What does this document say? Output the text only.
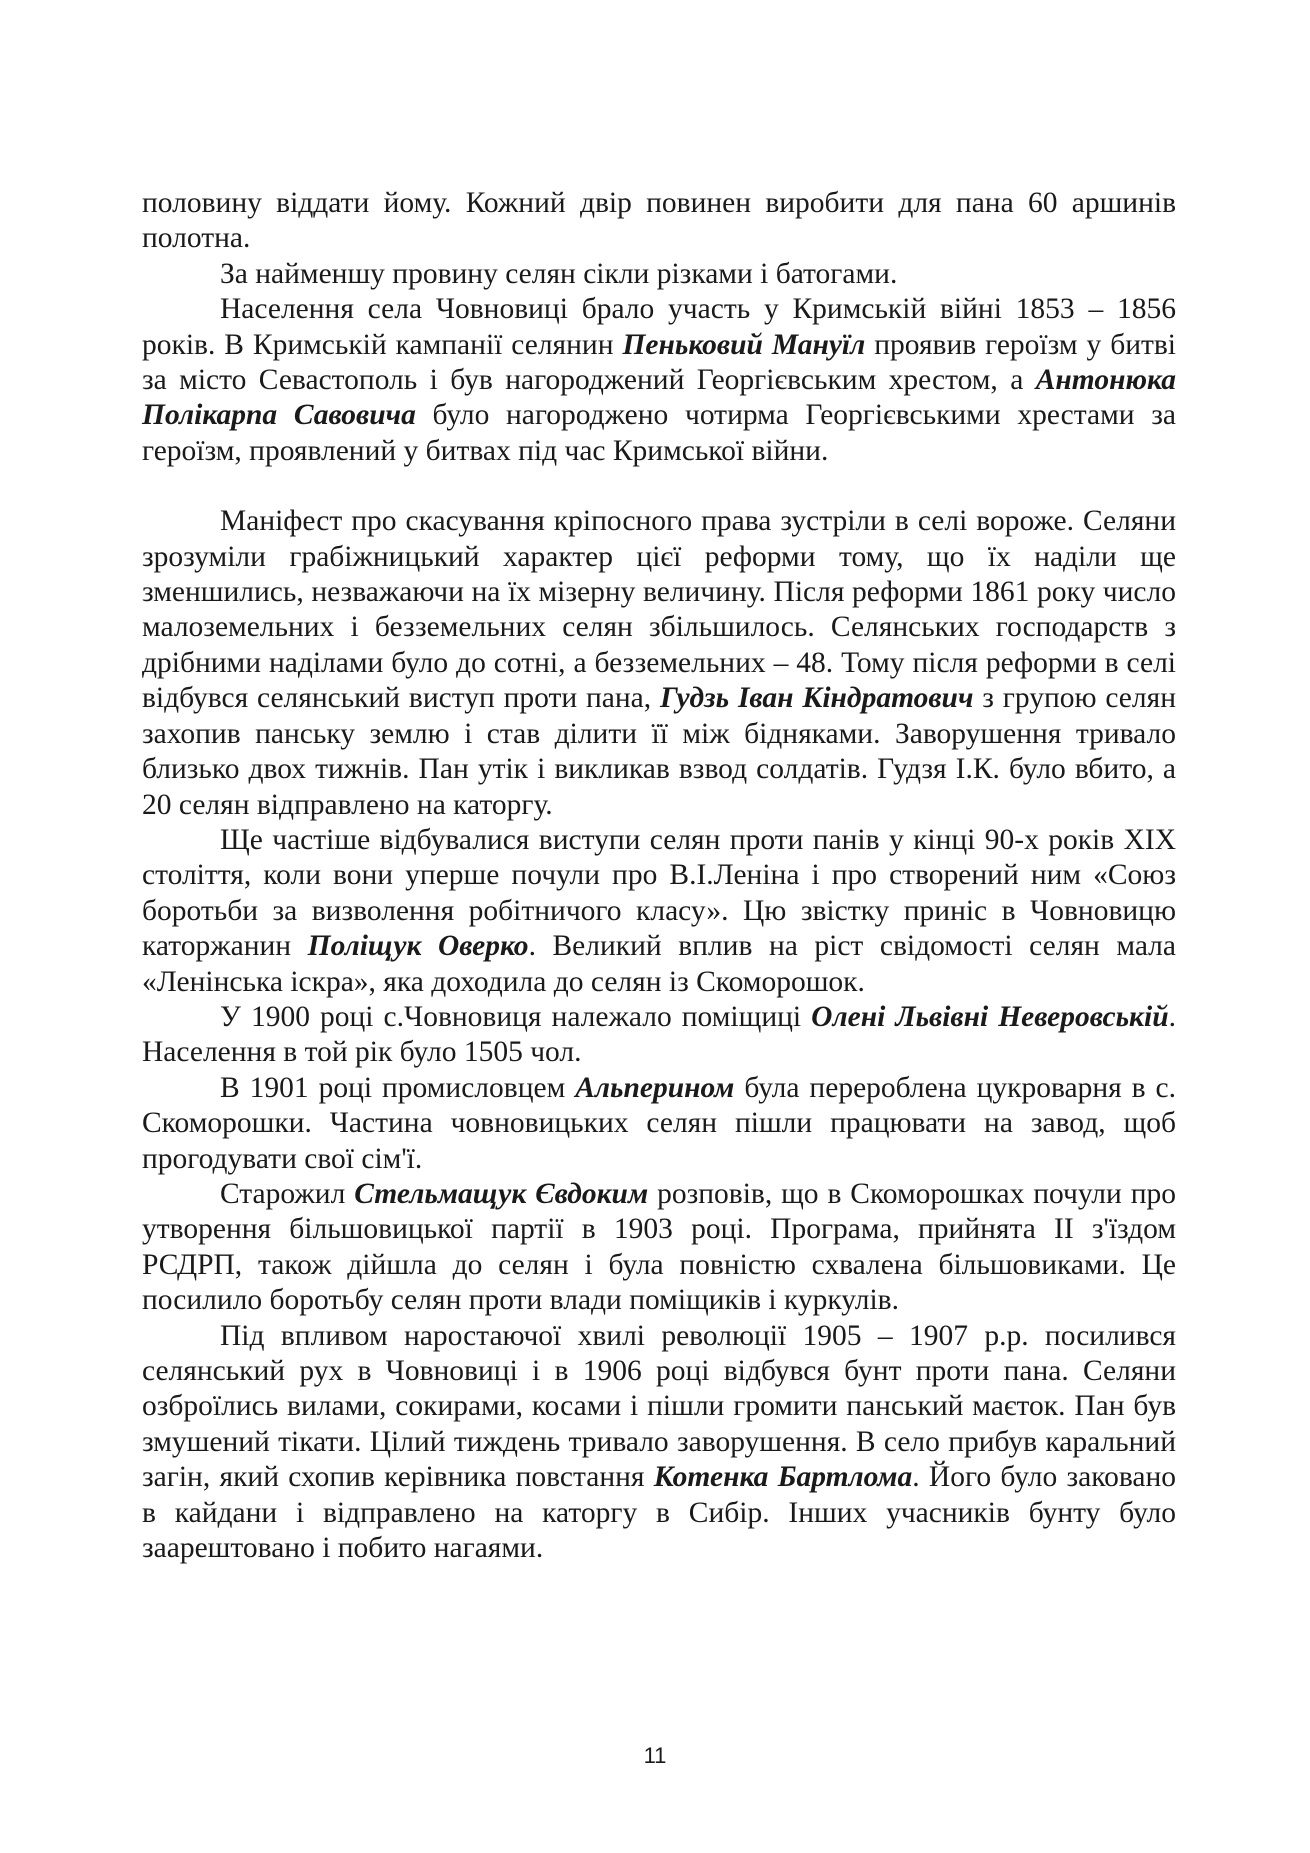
половину віддати йому. Кожний двір повинен виробити для пана 60 аршинів полотна.

За найменшу провину селян сікли різками і батогами.

Населення села Човновиці брало участь у Кримській війні 1853 – 1856 років. В Кримській кампанії селянин Пеньковий Мануїл проявив героїзм у битві за місто Севастополь і був нагороджений Георгієвським хрестом, а Антонюка Полікарпа Савовича було нагороджено чотирма Георгієвськими хрестами за героїзм, проявлений у битвах під час Кримської війни.

Маніфест про скасування кріпосного права зустріли в селі вороже. Селяни зрозуміли грабіжницький характер цієї реформи тому, що їх наділи ще зменшились, незважаючи на їх мізерну величину. Після реформи 1861 року число малоземельних і безземельних селян збільшилось. Селянських господарств з дрібними наділами було до сотні, а безземельних – 48. Тому після реформи в селі відбувся селянський виступ проти пана, Гудзь Іван Кіндратович з групою селян захопив панську землю і став ділити її між бідняками. Заворушення тривало близько двох тижнів. Пан утік і викликав взвод солдатів. Гудзя І.К. було вбито, а 20 селян відправлено на каторгу.

Ще частіше відбувалися виступи селян проти панів у кінці 90-х років XIX століття, коли вони уперше почули про В.І.Леніна і про створений ним «Союз боротьби за визволення робітничого класу». Цю звістку приніс в Човновицю каторжанин Поліщук Оверко. Великий вплив на ріст свідомості селян мала «Ленінська іскра», яка доходила до селян із Скоморошок.

У 1900 році с.Човновиця належало поміщиці Олені Львівні Неверовській. Населення в той рік було 1505 чол.

В 1901 році промисловцем Альперином була перероблена цукроварня в с. Скоморошки. Частина човновицьких селян пішли працювати на завод, щоб прогодувати свої сім'ї.

Старожил Стельмащук Євдоким розповів, що в Скоморошках почули про утворення більшовицької партії в 1903 році. Програма, прийнята II з'їздом РСДРП, також дійшла до селян і була повністю схвалена більшовиками. Це посилило боротьбу селян проти влади поміщиків і куркулів.

Під впливом наростаючої хвилі революції 1905 – 1907 р.р. посилився селянський рух в Човновиці і в 1906 році відбувся бунт проти пана. Селяни озброїлись вилами, сокирами, косами і пішли громити панський маєток. Пан був змушений тікати. Цілий тиждень тривало заворушення. В село прибув каральний загін, який схопив керівника повстання Котенка Бартлома. Його було заковано в кайдани і відправлено на каторгу в Сибір. Інших учасників бунту було заарештовано і побито нагаями.

11
